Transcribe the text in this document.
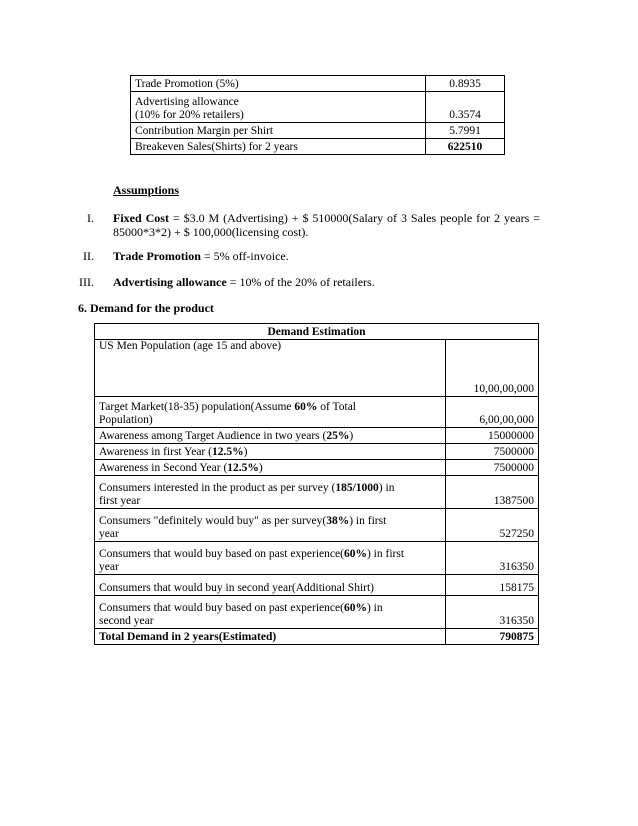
Trade Promotion (5%)	0.8935
Advertising allowance
(10% for 20% retailers)	0.3574
Contribution Margin per Shirt	5.7991
Breakeven Sales(Shirts) for 2 years	622510
Assumptions
I. Fixed Cost = $3.0 M (Advertising) + $ 510000(Salary of 3 Sales people for 2 years = 85000*3*2) + $ 100,000(licensing cost).
II. Trade Promotion = 5% off-invoice.
III. Advertising allowance = 10% of the 20% of retailers.
6. Demand for the product
Demand Estimation	
US Men Population (age 15 and above)	10,00,00,000
Target Market(18-35) population(Assume 60% of Total
Population)	6,00,00,000
Awareness among Target Audience in two years (25%)	15000000
Awareness in first Year (12.5%)	7500000
Awareness in Second Year (12.5%)	7500000
Consumers interested in the product as per survey (185/1000) in
first year	1387500
Consumers "definitely would buy" as per survey(38%) in first
year	527250
Consumers that would buy based on past experience(60%) in first
year	316350
Consumers that would buy in second year(Additional Shirt)	158175
Consumers that would buy based on past experience(60%) in
second year	316350
Total Demand in 2 years(Estimated)	790875
